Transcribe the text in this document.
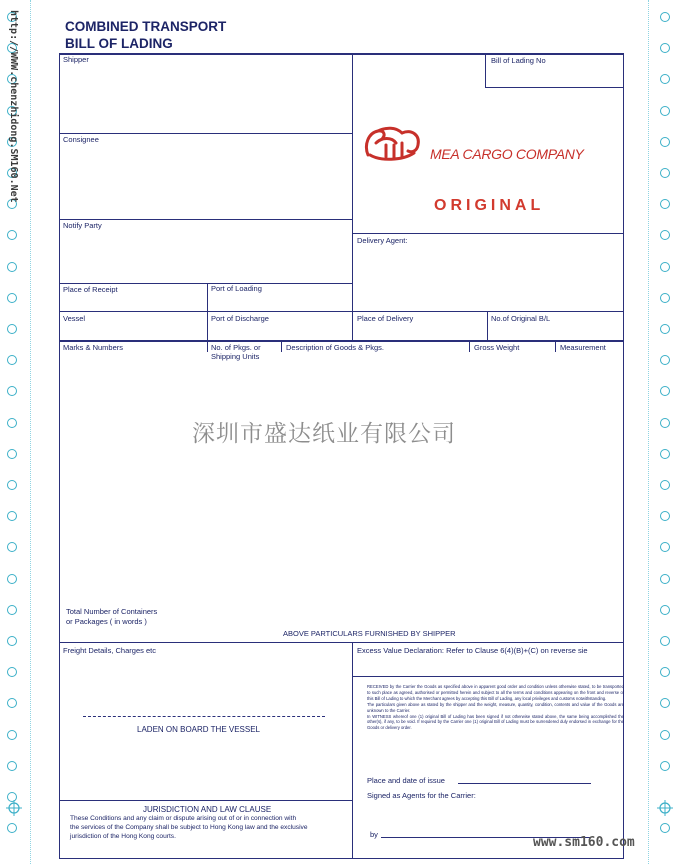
http://WWW.chenzhidong.SM160.Net	COMBINED TRANSPORT
BILL OF LADING
Shipper	Bill of Lading No
Consignee
Notify Party
Delivery Agent:
Place of Receipt	Port of Loading
Vessel	Port of Discharge	Place of Delivery	No.of Original B/L
Marks & Numbers	No. of Pkgs. or
Shipping Units
Description of Goods & Pkgs.	Gross Weight	Measurement
Total Number of Containers
or Packages ( in words )
ABOVE PARTICULARS FURNISHED BY SHIPPER
Freight Details, Charges etc	Excess Value Declaration: Refer to Clause 6(4)(B)+(C) on reverse sie
LADEN ON BOARD THE VESSEL
JURISDICTION AND LAW CLAUSE
These Conditions and any claim or dispute arising out of or in connection with
the services of the Company shall be subject to Hong Kong law and the exclusive
jurisdiction of the Hong Kong courts.
RECEIVED by the Carrier the Goods as specified above in apparent good order and condition unless otherwise stated, to be transported to such place as agreed, authorised or permitted herein and subject to all the terms and conditions appearing on the front and reverse of this Bill of Lading to which the Merchant agrees by accepting this Bill of Lading, any local privileges and customs notwithstanding.
The particulars given above as stated by the shipper and the weight, measure, quantity, condition, contents and value of the Goods are unknown to the Carrier.
In WITNESS whereof one (1) original Bill of Lading has been signed if not otherwise stated above, the same being accomplished the other(s), if any, to be void. If required by the Carrier one (1) original Bill of Lading must be surrendered duly endorsed in exchange for the Goods or delivery order.
Place and date of issue
Signed as Agents for the Carrier:
by
MEA CARGO COMPANY
ORIGINAL
深圳市盛达纸业有限公司
www.sm160.com
